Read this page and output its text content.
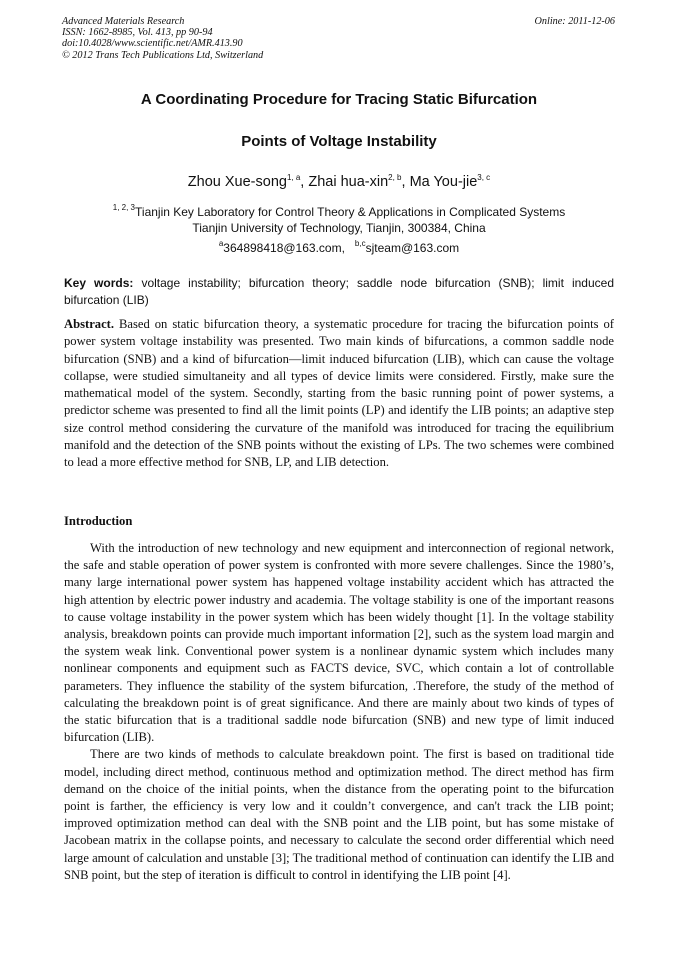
Advanced Materials Research
ISSN: 1662-8985, Vol. 413, pp 90-94
doi:10.4028/www.scientific.net/AMR.413.90
© 2012 Trans Tech Publications Ltd, Switzerland
Online: 2011-12-06
A Coordinating Procedure for Tracing Static Bifurcation
Points of Voltage Instability
Zhou Xue-song$^{1, a}$, Zhai hua-xin$^{2, b}$, Ma You-jie$^{3, c}$
$^{1, 2, 3}$Tianjin Key Laboratory for Control Theory & Applications in Complicated Systems
Tianjin University of Technology, Tianjin, 300384, China
$^a$364898418@163.com, $^{b,c}$sjteam@163.com
Key words: voltage instability; bifurcation theory; saddle node bifurcation (SNB); limit induced bifurcation (LIB)
Abstract. Based on static bifurcation theory, a systematic procedure for tracing the bifurcation points of power system voltage instability was presented. Two main kinds of bifurcations, a common saddle node bifurcation (SNB) and a kind of bifurcation—limit induced bifurcation (LIB), which can cause the voltage collapse, were studied simultaneity and all types of device limits were considered. Firstly, make sure the mathematical model of the system. Secondly, starting from the basic running point of power systems, a predictor scheme was presented to find all the limit points (LP) and identify the LIB points; an adaptive step size control method considering the curvature of the manifold was introduced for tracing the equilibrium manifold and the detection of the SNB points without the existing of LPs. The two schemes were combined to lead a more effective method for SNB, LP, and LIB detection.
Introduction

With the introduction of new technology and new equipment and interconnection of regional network, the safe and stable operation of power system is confronted with more severe challenges. Since the 1980’s, many large international power system has happened voltage instability accident which has attracted the high attention by electric power industry and academia. The voltage stability is one of the important reasons to cause voltage instability in the power system which has been widely thought [1]. In the voltage stability analysis, breakdown points can provide much important information [2], such as the system load margin and the system weak link. Conventional power system is a nonlinear dynamic system which includes many nonlinear components and equipment such as FACTS device, SVC, which contain a lot of controllable parameters. They influence the stability of the system bifurcation, .Therefore, the study of the method of calculating the breakdown point is of great significance. And there are mainly about two kinds of types of the static bifurcation that is a traditional saddle node bifurcation (SNB) and new type of limit induced bifurcation (LIB).

There are two kinds of methods to calculate breakdown point. The first is based on traditional tide model, including direct method, continuous method and optimization method. The direct method has firm demand on the choice of the initial points, when the distance from the operating point to the bifurcation point is farther, the efficiency is very low and it couldn’t convergence, and can't track the LIB point; improved optimization method can deal with the SNB point and the LIB point, but has some mistake of Jacobean matrix in the collapse points, and necessary to calculate the second order differential which need large amount of calculation and unstable [3]; The traditional method of continuation can identify the LIB and SNB point, but the step of iteration is difficult to control in identifying the LIB point [4].
